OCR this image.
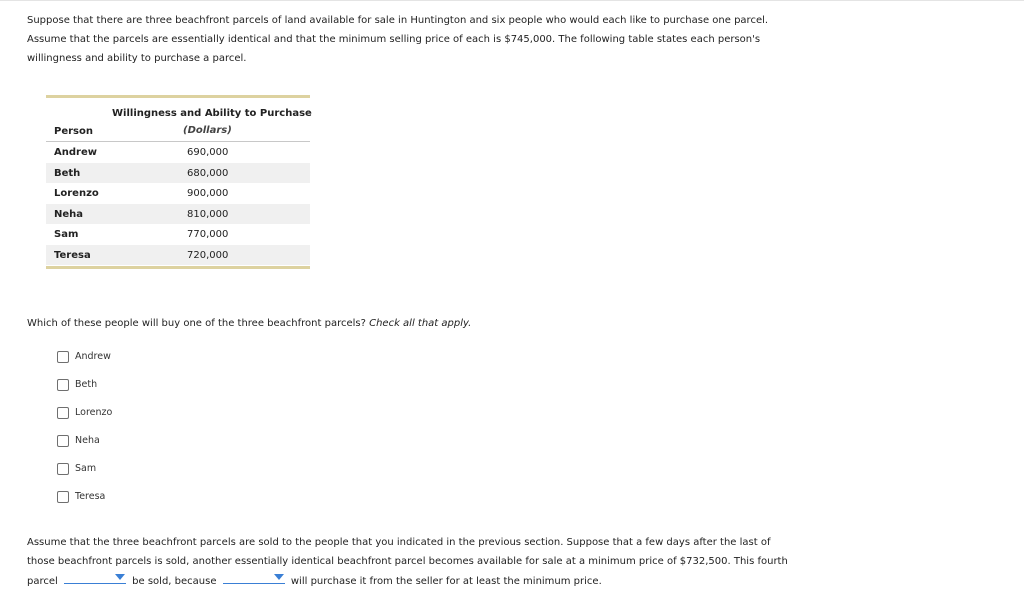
Suppose that there are three beachfront parcels of land available for sale in Huntington and six people who would each like to purchase one parcel.
Assume that the parcels are essentially identical and that the minimum selling price of each is $745,000. The following table states each person's
willingness and ability to purchase a parcel.
Willingness and Ability to Purchase
(Dollars)
Person
Andrew	690,000
Beth	680,000
Lorenzo	900,000
Neha	810,000
Sam	770,000
Teresa	720,000
Which of these people will buy one of the three beachfront parcels? Check all that apply.
Andrew
Beth
Lorenzo
Neha
Sam
Teresa
Assume that the three beachfront parcels are sold to the people that you indicated in the previous section. Suppose that a few days after the last of
those beachfront parcels is sold, another essentially identical beachfront parcel becomes available for sale at a minimum price of $732,500. This fourth
parcel	be sold, because	will purchase it from the seller for at least the minimum price.
